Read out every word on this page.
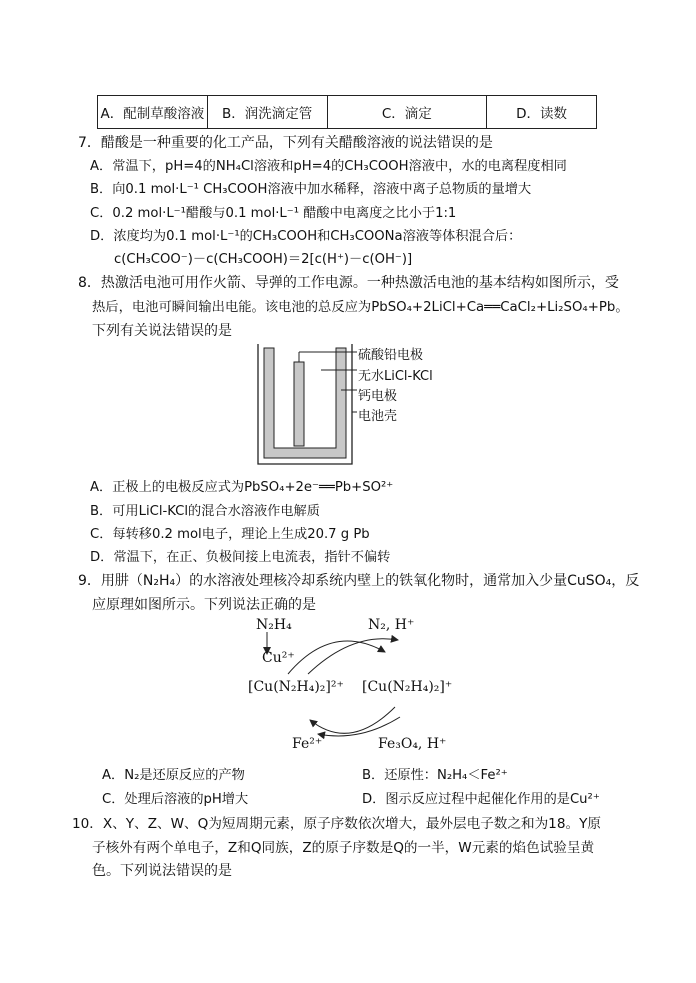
A．配制草酸溶液	B．润洗滴定管	C．滴定	D．读数
7．醋酸是一种重要的化工产品，下列有关醋酸溶液的说法错误的是
A．常温下，pH=4的NH₄Cl溶液和pH=4的CH₃COOH溶液中，水的电离程度相同
B．向0.1 mol·L⁻¹ CH₃COOH溶液中加水稀释，溶液中离子总物质的量增大
C．0.2 mol·L⁻¹醋酸与0.1 mol·L⁻¹ 醋酸中电离度之比小于1:1
D．浓度均为0.1 mol·L⁻¹的CH₃COOH和CH₃COONa溶液等体积混合后：
c(CH₃COO⁻)－c(CH₃COOH)＝2[c(H⁺)－c(OH⁻)]
8．热激活电池可用作火箭、导弹的工作电源。一种热激活电池的基本结构如图所示，受
热后，电池可瞬间输出电能。该电池的总反应为PbSO₄+2LiCl+Ca══CaCl₂+Li₂SO₄+Pb。
下列有关说法错误的是
硫酸铅电极
无水LiCl-KCl
钙电极
电池壳
A．正极上的电极反应式为PbSO₄+2e⁻══Pb+SO²⁺
B．可用LiCl-KCl的混合水溶液作电解质
C．每转移0.2 mol电子，理论上生成20.7 g Pb
D．常温下，在正、负极间接上电流表，指针不偏转
9．用肼（N₂H₄）的水溶液处理核冷却系统内壁上的铁氧化物时，通常加入少量CuSO₄，反
应原理如图所示。下列说法正确的是
N₂H₄	N₂, H⁺
Cu²⁺
[Cu(N₂H₄)₂]²⁺ [Cu(N₂H₄)₂]⁺
Fe²⁺	Fe₃O₄, H⁺
A．N₂是还原反应的产物	B．还原性：N₂H₄＜Fe²⁺
C．处理后溶液的pH增大	D．图示反应过程中起催化作用的是Cu²⁺
10．X、Y、Z、W、Q为短周期元素，原子序数依次增大，最外层电子数之和为18。Y原
子核外有两个单电子，Z和Q同族，Z的原子序数是Q的一半，W元素的焰色试验呈黄
色。下列说法错误的是
